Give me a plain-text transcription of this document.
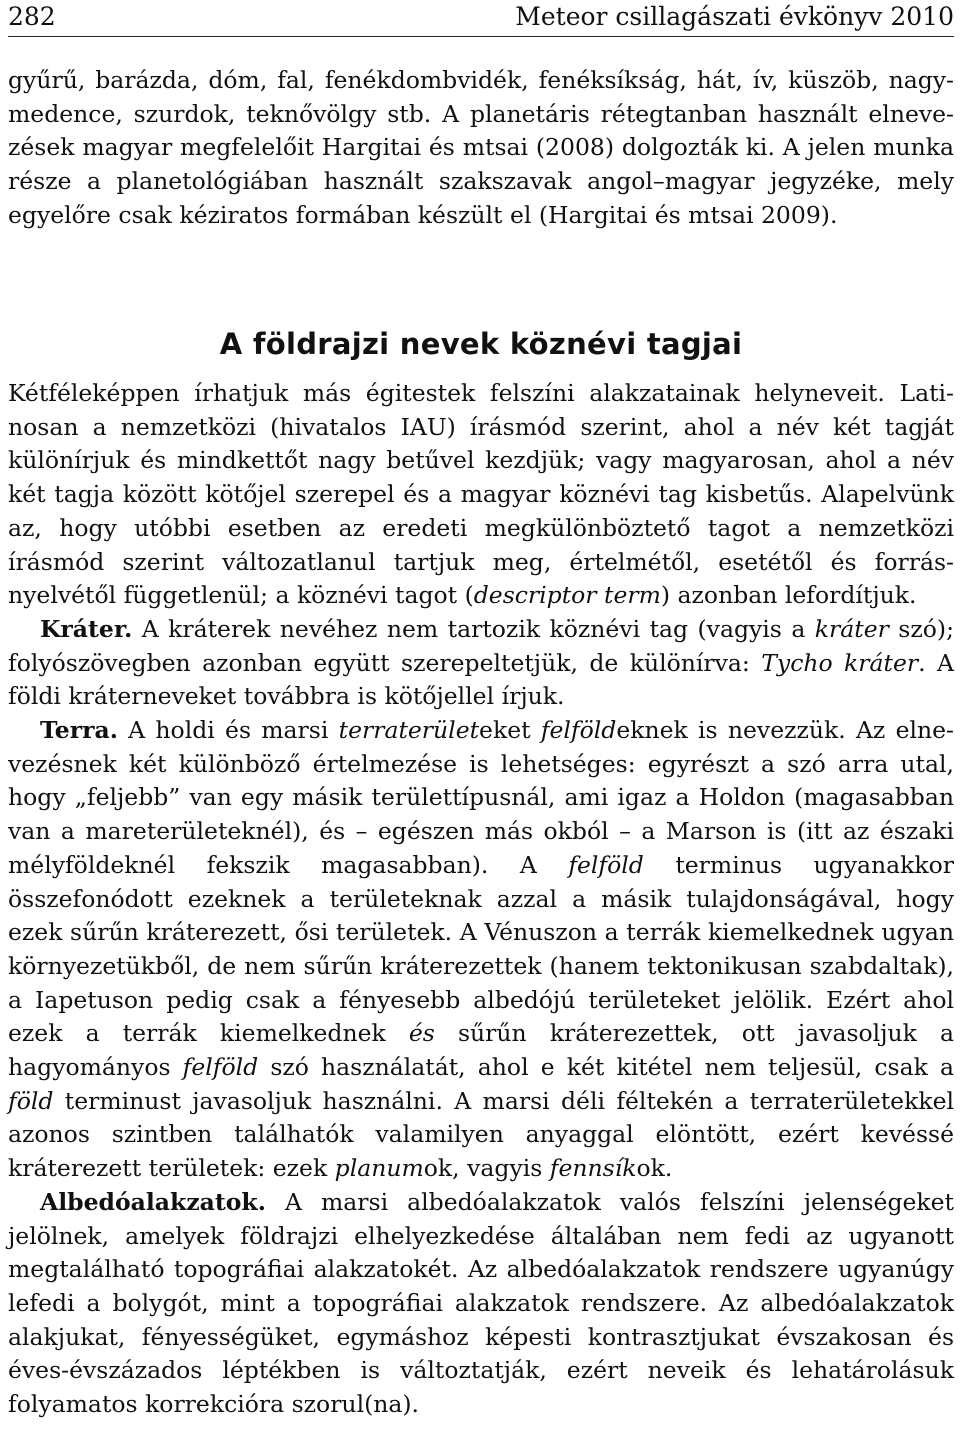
282	Meteor csillagászati évkönyv 2010

gyűrű, barázda, dóm, fal, fenékdombvidék, fenéksíkság, hát, ív, küszöb, nagymedence, szurdok, teknővölgy stb. A planetáris rétegtanban használt elnevezések magyar megfelelőit Hargitai és mtsai (2008) dolgozták ki. A jelen munka része a planetológiában használt szakszavak angol–magyar jegyzéke, mely egyelőre csak kéziratos formában készült el (Hargitai és mtsai 2009).

A földrajzi nevek köznévi tagjai

Kétféleképpen írhatjuk más égitestek felszíni alakzatainak helyneveit. Latinosan a nemzetközi (hivatalos IAU) írásmód szerint, ahol a név két tagját különírjuk és mindkettőt nagy betűvel kezdjük; vagy magyarosan, ahol a név két tagja között kötőjel szerepel és a magyar köznévi tag kisbetűs. Alapelvünk az, hogy utóbbi esetben az eredeti megkülönböztető tagot a nemzetközi írásmód szerint változatlanul tartjuk meg, értelmétől, esetétől és forrásnyelvétől függetlenül; a köznévi tagot (descriptor term) azonban lefordítjuk.

Kráter. A kráterek nevéhez nem tartozik köznévi tag (vagyis a kráter szó); folyószövegben azonban együtt szerepeltetjük, de különírva: Tycho kráter. A földi kráterneveket továbbra is kötőjellel írjuk.

Terra. A holdi és marsi terraterületeket felföldeknek is nevezzük. Az elnevezésnek két különböző értelmezése is lehetséges: egyrészt a szó arra utal, hogy „feljebb” van egy másik területtípusnál, ami igaz a Holdon (magasabban van a mareterületeknél), és – egészen más okból – a Marson is (itt az északi mélyföldeknél fekszik magasabban). A felföld terminus ugyanakkor összefonódott ezeknek a területeknak azzal a másik tulajdonságával, hogy ezek sűrűn kráterezett, ősi területek. A Vénuszon a terrák kiemelkednek ugyan környezetükből, de nem sűrűn kráterezettek (hanem tektonikusan szabdaltak), a Iapetuson pedig csak a fényesebb albedójú területeket jelölik. Ezért ahol ezek a terrák kiemelkednek és sűrűn kráterezettek, ott javasoljuk a hagyományos felföld szó használatát, ahol e két kitétel nem teljesül, csak a föld terminust javasoljuk használni. A marsi déli féltekén a terraterületekkel azonos szintben találhatók valamilyen anyaggal elöntött, ezért kevéssé kráterezett területek: ezek planumok, vagyis fennsíkok.

Albedóalakzatok. A marsi albedóalakzatok valós felszíni jelenségeket jelölnek, amelyek földrajzi elhelyezkedése általában nem fedi az ugyanott megtalálható topográfiai alakzatokét. Az albedóalakzatok rendszere ugyanúgy lefedi a bolygót, mint a topográfiai alakzatok rendszere. Az albedóalakzatok alakjukat, fényességüket, egymáshoz képesti kontrasztjukat évszakosan és éves-évszázados léptékben is változtatják, ezért neveik és lehatárolásuk folyamatos korrekcióra szorul(na).
